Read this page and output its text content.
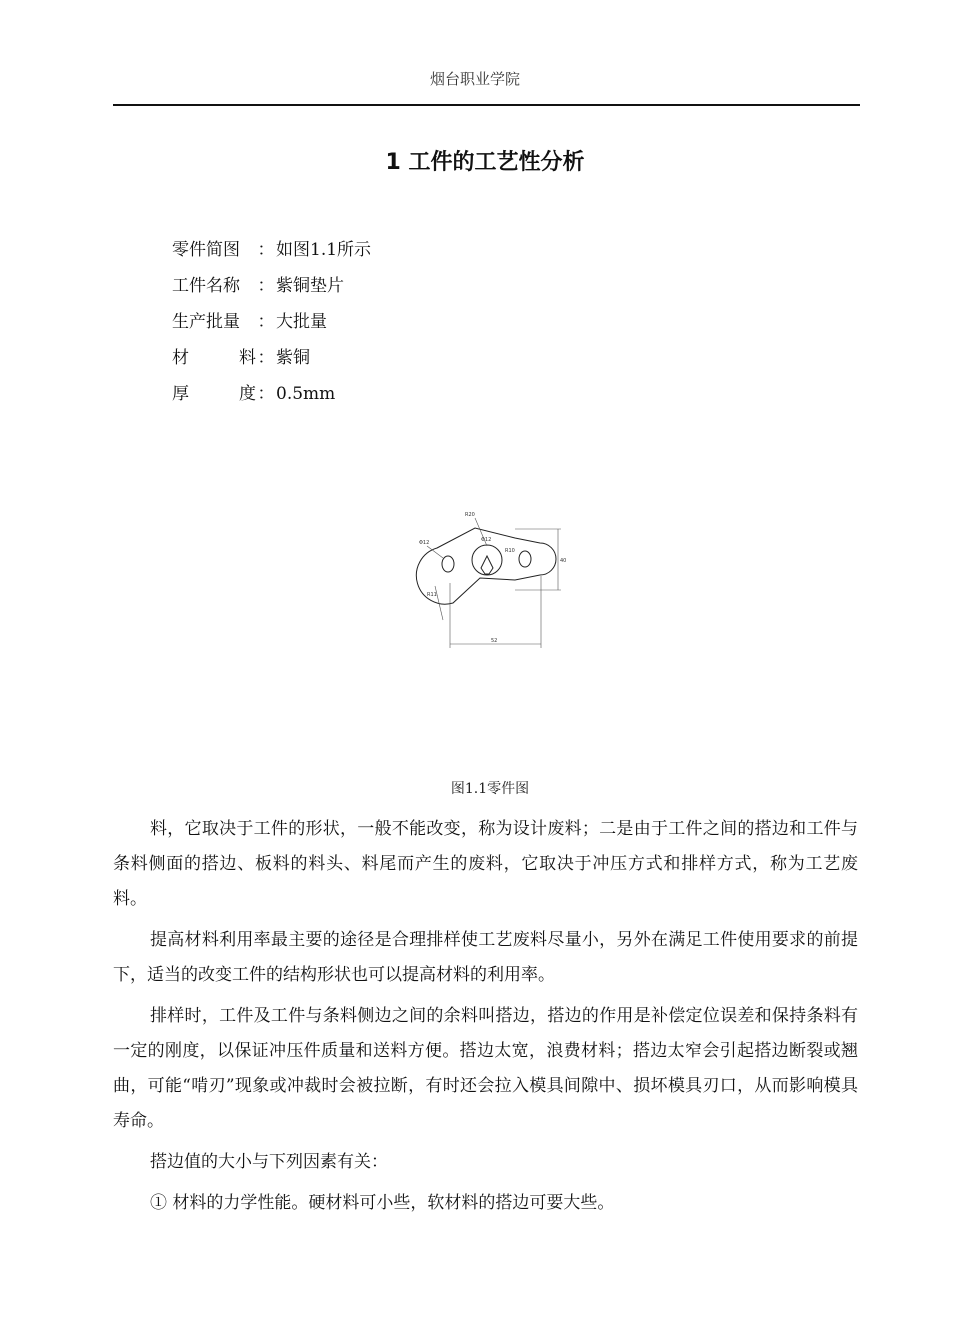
烟台职业学院
1 工件的工艺性分析
零件简图	： 如图1.1所示
工件名称	： 紫铜垫片
生产批量	： 大批量
材	料 ： 紫铜
厚	度 ： 0.5mm
R20
Φ12
Φ12
R10
40
52
R11
图1.1零件图

料，它取决于工件的形状，一般不能改变，称为设计废料；二是由于工件之间的搭边和工件与条料侧面的搭边、板料的料头、料尾而产生的废料，它取决于冲压方式和排样方式，称为工艺废料。

提高材料利用率最主要的途径是合理排样使工艺废料尽量小，另外在满足工件使用要求的前提下，适当的改变工件的结构形状也可以提高材料的利用率。

排样时，工件及工件与条料侧边之间的余料叫搭边，搭边的作用是补偿定位误差和保持条料有一定的刚度，以保证冲压件质量和送料方便。搭边太宽，浪费材料；搭边太窄会引起搭边断裂或翘曲，可能“啃刃”现象或冲裁时会被拉断，有时还会拉入模具间隙中、损坏模具刃口，从而影响模具寿命。

搭边值的大小与下列因素有关：

① 材料的力学性能。硬材料可小些，软材料的搭边可要大些。
